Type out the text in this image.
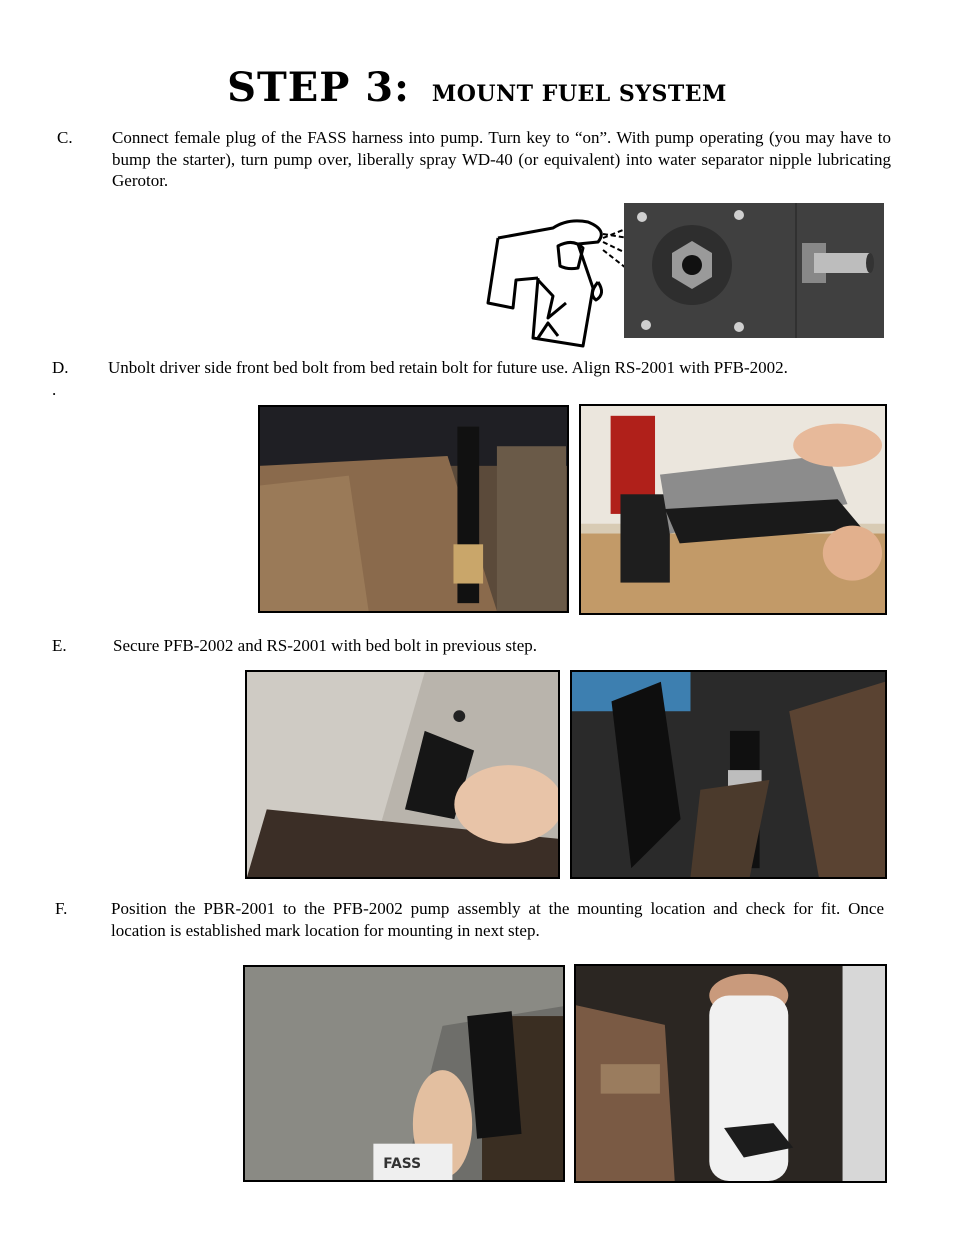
STEP 3: MOUNT FUEL SYSTEM
C. Connect female plug of the FASS harness into pump. Turn key to “on”. With pump operating (you may have to bump the starter), turn pump over, liberally spray WD-40 (or equivalent) into water separator nipple lubricating Gerotor.
D. Unbolt driver side front bed bolt from bed retain bolt for future use. Align RS-2001 with PFB-2002.
.
E.	Secure PFB-2002 and RS-2001 with bed bolt in previous step.
F.	Position the PBR-2001 to the PFB-2002 pump assembly at the mounting location and check for fit. Once location is established mark location for mounting in next step.
FASS
